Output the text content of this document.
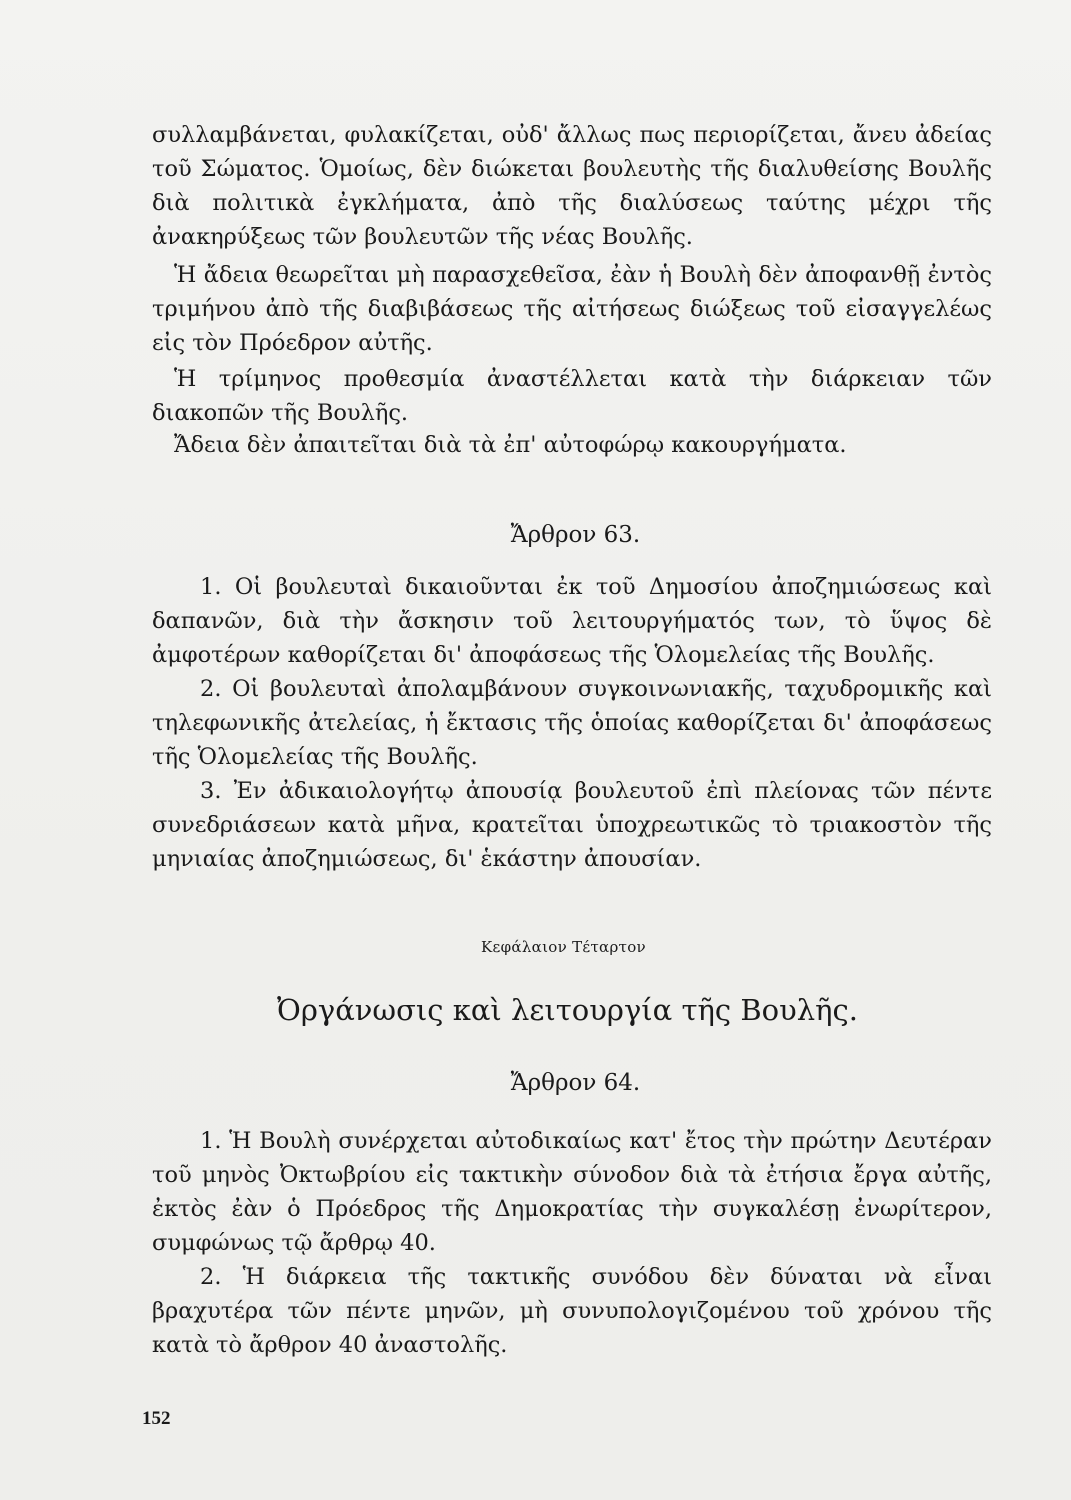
συλλαμβάνεται, φυλακίζεται, οὐδ' ἄλλως πως περιορίζεται, ἄνευ ἀδείας τοῦ Σώματος. Ὁμοίως, δὲν διώκεται βουλευτὴς τῆς διαλυθείσης Βουλῆς διὰ πολιτικὰ ἐγκλήματα, ἀπὸ τῆς διαλύσεως ταύτης μέχρι τῆς ἀνακηρύξεως τῶν βουλευτῶν τῆς νέας Βουλῆς.

Ἡ ἄδεια θεωρεῖται μὴ παρασχεθεῖσα, ἐὰν ἡ Βουλὴ δὲν ἀποφανθῇ ἐντὸς τριμήνου ἀπὸ τῆς διαβιβάσεως τῆς αἰτήσεως διώξεως τοῦ εἰσαγγελέως εἰς τὸν Πρόεδρον αὐτῆς.

Ἡ τρίμηνος προθεσμία ἀναστέλλεται κατὰ τὴν διάρκειαν τῶν διακοπῶν τῆς Βουλῆς.

Ἄδεια δὲν ἀπαιτεῖται διὰ τὰ ἐπ' αὐτοφώρῳ κακουργήματα.

Ἄρθρον 63.

1. Οἱ βουλευταὶ δικαιοῦνται ἐκ τοῦ Δημοσίου ἀποζημιώσεως καὶ δαπανῶν, διὰ τὴν ἄσκησιν τοῦ λειτουργήματός των, τὸ ὕψος δὲ ἀμφοτέρων καθορίζεται δι' ἀποφάσεως τῆς Ὁλομελείας τῆς Βουλῆς.

2. Οἱ βουλευταὶ ἀπολαμβάνουν συγκοινωνιακῆς, ταχυδρομικῆς καὶ τηλεφωνικῆς ἀτελείας, ἡ ἔκτασις τῆς ὁποίας καθορίζεται δι' ἀποφάσεως τῆς Ὁλομελείας τῆς Βουλῆς.

3. Ἐν ἀδικαιολογήτῳ ἀπουσίᾳ βουλευτοῦ ἐπὶ πλείονας τῶν πέντε συνεδριάσεων κατὰ μῆνα, κρατεῖται ὑποχρεωτικῶς τὸ τριακοστὸν τῆς μηνιαίας ἀποζημιώσεως, δι' ἑκάστην ἀπουσίαν.

Κεφάλαιον Τέταρτον
Ὀργάνωσις καὶ λειτουργία τῆς Βουλῆς.
Ἄρθρον 64.

1. Ἡ Βουλὴ συνέρχεται αὐτοδικαίως κατ' ἔτος τὴν πρώτην Δευτέραν τοῦ μηνὸς Ὀκτωβρίου εἰς τακτικὴν σύνοδον διὰ τὰ ἐτήσια ἔργα αὐτῆς, ἐκτὸς ἐὰν ὁ Πρόεδρος τῆς Δημοκρατίας τὴν συγκαλέσῃ ἐνωρίτερον, συμφώνως τῷ ἄρθρῳ 40.

2. Ἡ διάρκεια τῆς τακτικῆς συνόδου δὲν δύναται νὰ εἶναι βραχυτέρα τῶν πέντε μηνῶν, μὴ συνυπολογιζομένου τοῦ χρόνου τῆς κατὰ τὸ ἄρθρον 40 ἀναστολῆς.

152
